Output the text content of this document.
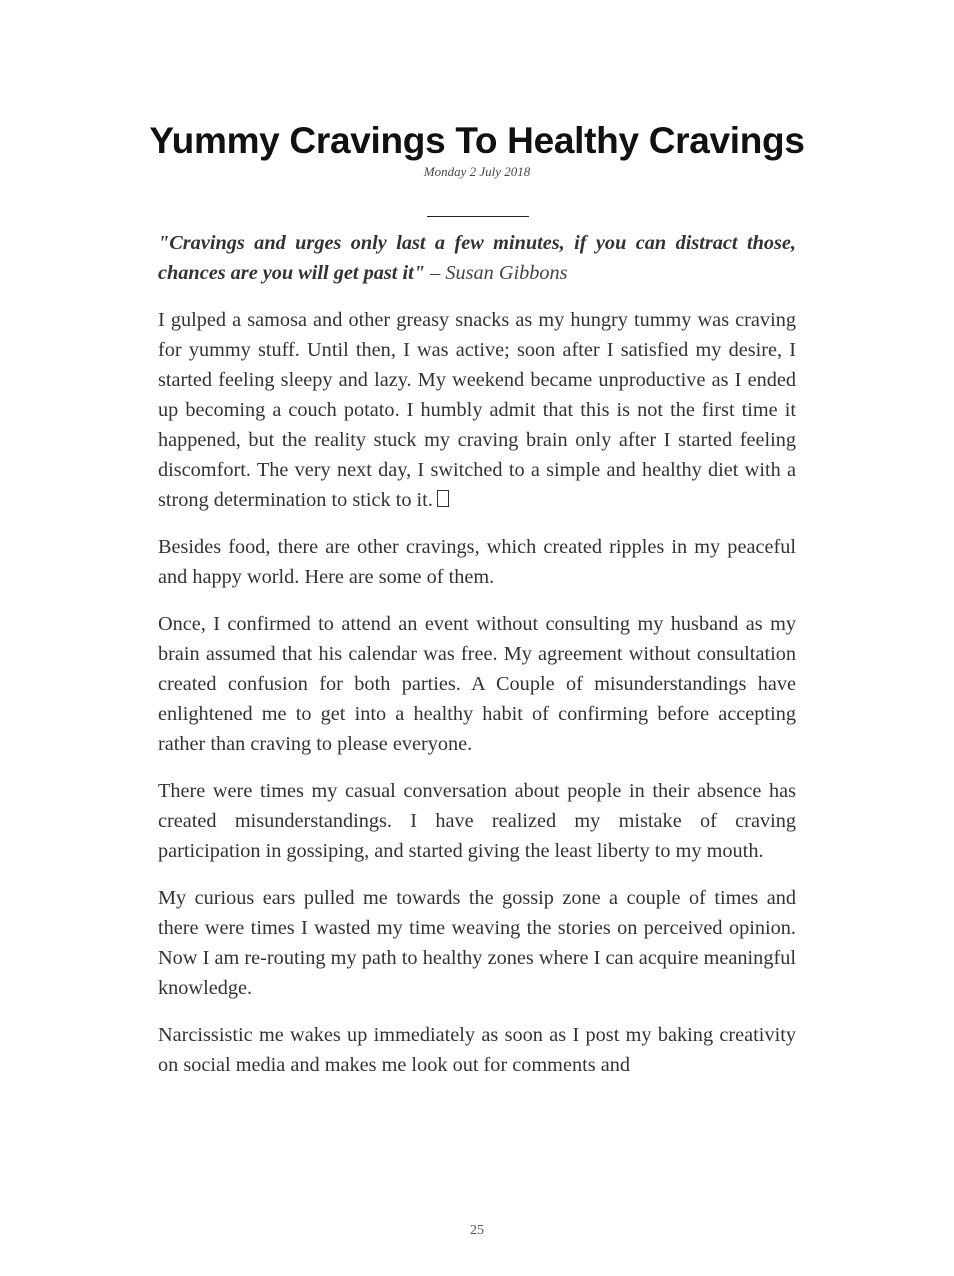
Yummy Cravings To Healthy Cravings
Monday 2 July 2018

"Cravings and urges only last a few minutes, if you can distract those, chances are you will get past it" – Susan Gibbons

I gulped a samosa and other greasy snacks as my hungry tummy was craving for yummy stuff. Until then, I was active; soon after I satisfied my desire, I started feeling sleepy and lazy. My weekend became unproductive as I ended up becoming a couch potato. I humbly admit that this is not the first time it happened, but the reality stuck my craving brain only after I started feeling discomfort. The very next day, I switched to a simple and healthy diet with a strong determination to stick to it.

Besides food, there are other cravings, which created ripples in my peaceful and happy world. Here are some of them.

Once, I confirmed to attend an event without consulting my husband as my brain assumed that his calendar was free. My agreement without consultation created confusion for both parties. A Couple of misunderstandings have enlightened me to get into a healthy habit of confirming before accepting rather than craving to please everyone.

There were times my casual conversation about people in their absence has created misunderstandings. I have realized my mistake of craving participation in gossiping, and started giving the least liberty to my mouth.

My curious ears pulled me towards the gossip zone a couple of times and there were times I wasted my time weaving the stories on perceived opinion. Now I am re-routing my path to healthy zones where I can acquire meaningful knowledge.

Narcissistic me wakes up immediately as soon as I post my baking creativity on social media and makes me look out for comments and

25
